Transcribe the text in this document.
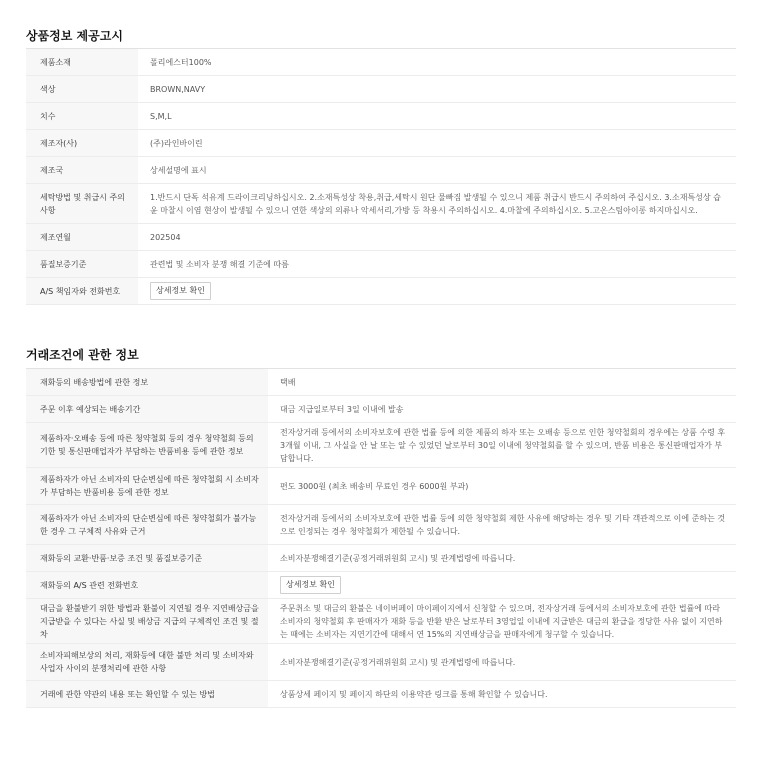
상품정보 제공고시
제품소재	폴리에스터100%
색상	BROWN,NAVY
치수	S,M,L
제조자(사)	(주)라인바이린
제조국	상세설명에 표시
세탁방법 및 취급시 주의사항	1.반드시 단독 석유계 드라이크리닝하십시오. 2.소재특성상 착용,취급,세탁시 원단 물빠짐 발생될 수 있으니 제품 취급시 반드시 주의하여 주십시오. 3.소재특성상 습윤 마찰시 이염 현상이 발생될 수 있으니 연한 색상의 의류나 악세서리,가방 등 착용시 주의하십시오. 4.마찰에 주의하십시오. 5.고온스팀아이롱 하지마십시오.
제조연월	202504
품질보증기준	관련법 및 소비자 분쟁 해결 기준에 따름
A/S 책임자와 전화번호	상세정보 확인
거래조건에 관한 정보
재화등의 배송방법에 관한 정보	택배
주문 이후 예상되는 배송기간	대금 지급일로부터 3일 이내에 발송
제품하자·오배송 등에 따른 청약철회 등의 경우 청약철회 등의 기한 및 통신판매업자가 부담하는 반품비용 등에 관한 정보	전자상거래 등에서의 소비자보호에 관한 법률 등에 의한 제품의 하자 또는 오배송 등으로 인한 청약철회의 경우에는 상품 수령 후 3개월 이내, 그 사실을 안 날 또는 알 수 있었던 날로부터 30일 이내에 청약철회를 할 수 있으며, 반품 비용은 통신판매업자가 부담합니다.
제품하자가 아닌 소비자의 단순변심에 따른 청약철회 시 소비자가 부담하는 반품비용 등에 관한 정보	편도 3000원 (최초 배송비 무료인 경우 6000원 부과)
제품하자가 아닌 소비자의 단순변심에 따른 청약철회가 불가능한 경우 그 구체적 사유와 근거	전자상거래 등에서의 소비자보호에 관한 법률 등에 의한 청약철회 제한 사유에 해당하는 경우 및 기타 객관적으로 이에 준하는 것으로 인정되는 경우 청약철회가 제한될 수 있습니다.
재화등의 교환·반품·보증 조건 및 품질보증기준	소비자분쟁해결기준(공정거래위원회 고시) 및 관계법령에 따릅니다.
재화등의 A/S 관련 전화번호	상세정보 확인
대금을 환불받기 위한 방법과 환불이 지연될 경우 지연배상금을 지급받을 수 있다는 사실 및 배상금 지급의 구체적인 조건 및 절차	주문취소 및 대금의 환불은 네이버페이 마이페이지에서 신청할 수 있으며, 전자상거래 등에서의 소비자보호에 관한 법률에 따라 소비자의 청약철회 후 판매자가 재화 등을 반환 받은 날로부터 3영업일 이내에 지급받은 대금의 환급을 정당한 사유 없이 지연하는 때에는 소비자는 지연기간에 대해서 연 15%의 지연배상금을 판매자에게 청구할 수 있습니다.
소비자피해보상의 처리, 재화등에 대한 불만 처리 및 소비자와 사업자 사이의 분쟁처리에 관한 사항	소비자분쟁해결기준(공정거래위원회 고시) 및 관계법령에 따릅니다.
거래에 관한 약관의 내용 또는 확인할 수 있는 방법	상품상세 페이지 및 페이지 하단의 이용약관 링크를 통해 확인할 수 있습니다.
